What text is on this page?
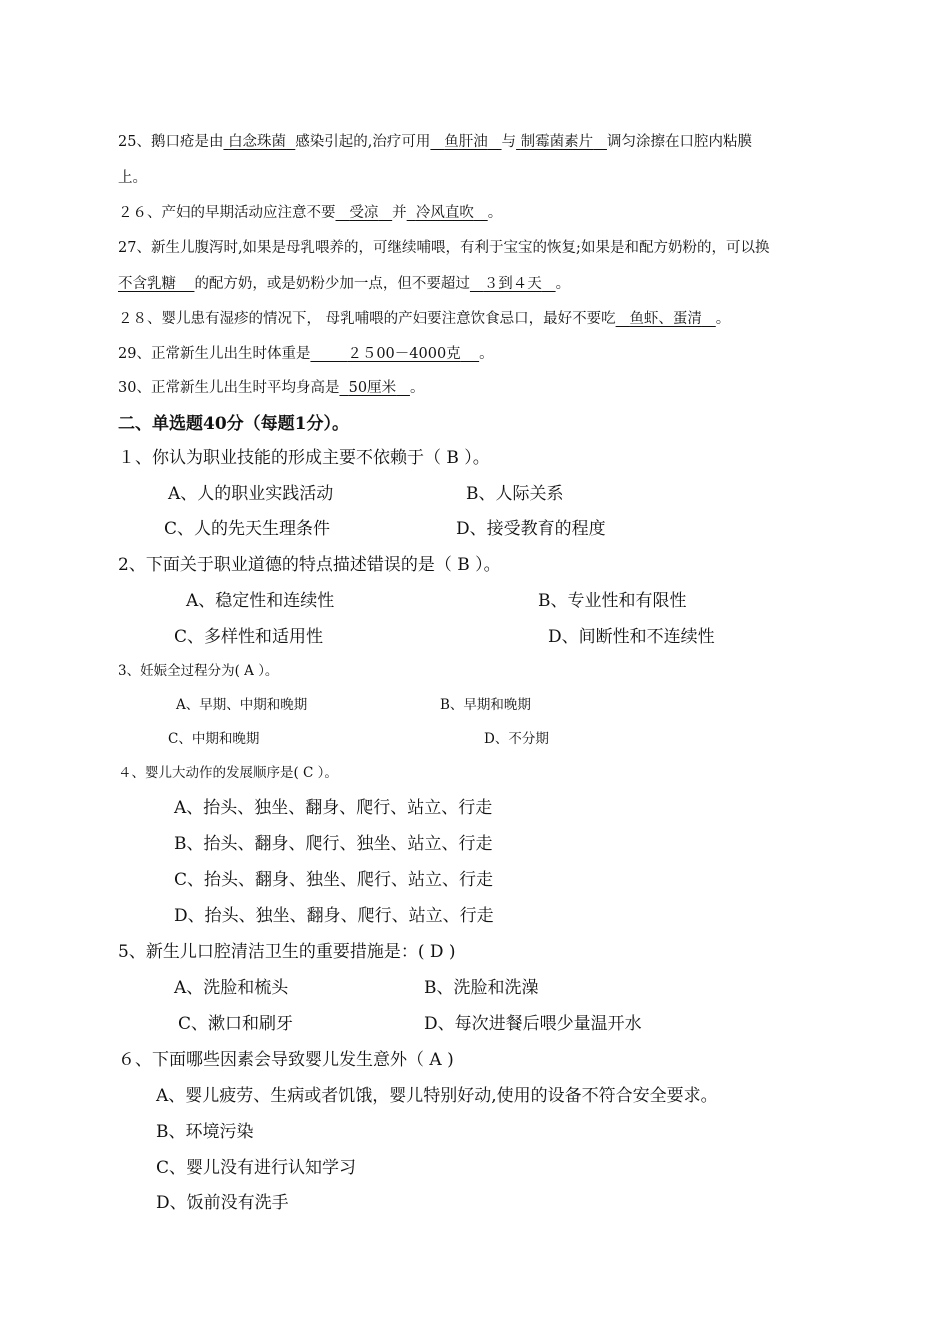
25、鹅口疮是由 白念珠菌 感染引起的,治疗可用 鱼肝油 与 制霉菌素片 调匀涂擦在口腔内粘膜
上。
２６、产妇的早期活动应注意不要 受凉 并 冷风直吹 。
27、新生儿腹泻时,如果是母乳喂养的，可继续哺喂，有利于宝宝的恢复;如果是和配方奶粉的，可以换
不含乳糖 的配方奶，或是奶粉少加一点，但不要超过 ３到４天 。
２８、婴儿患有湿疹的情况下， 母乳哺喂的产妇要注意饮食忌口，最好不要吃 鱼虾、蛋清 。
29、正常新生儿出生时体重是	２５00－4000克 。
30、正常新生儿出生时平均身高是 50厘米 。
二、单选题40分（每题1分）。
１、你认为职业技能的形成主要不依赖于（ B ）。
A、人的职业实践活动	B、人际关系
C、人的先天生理条件	D、接受教育的程度
2、下面关于职业道德的特点描述错误的是（ B ）。
A、稳定性和连续性	B、专业性和有限性
C、多样性和适用性	D、间断性和不连续性
3、妊娠全过程分为( A ）。
A、早期、中期和晚期	B、早期和晚期
C、中期和晚期	D、不分期
４、婴儿大动作的发展顺序是( C ）。
A、抬头、独坐、翻身、爬行、站立、行走
B、抬头、翻身、爬行、独坐、站立、行走
C、抬头、翻身、独坐、爬行、站立、行走
D、抬头、独坐、翻身、爬行、站立、行走
5、新生儿口腔清洁卫生的重要措施是：( D )
A、洗脸和梳头	B、洗脸和洗澡
C、漱口和刷牙	D、每次进餐后喂少量温开水
６、下面哪些因素会导致婴儿发生意外（ A )
A、婴儿疲劳、生病或者饥饿，婴儿特别好动,使用的设备不符合安全要求。
B、环境污染
C、婴儿没有进行认知学习
D、饭前没有洗手
